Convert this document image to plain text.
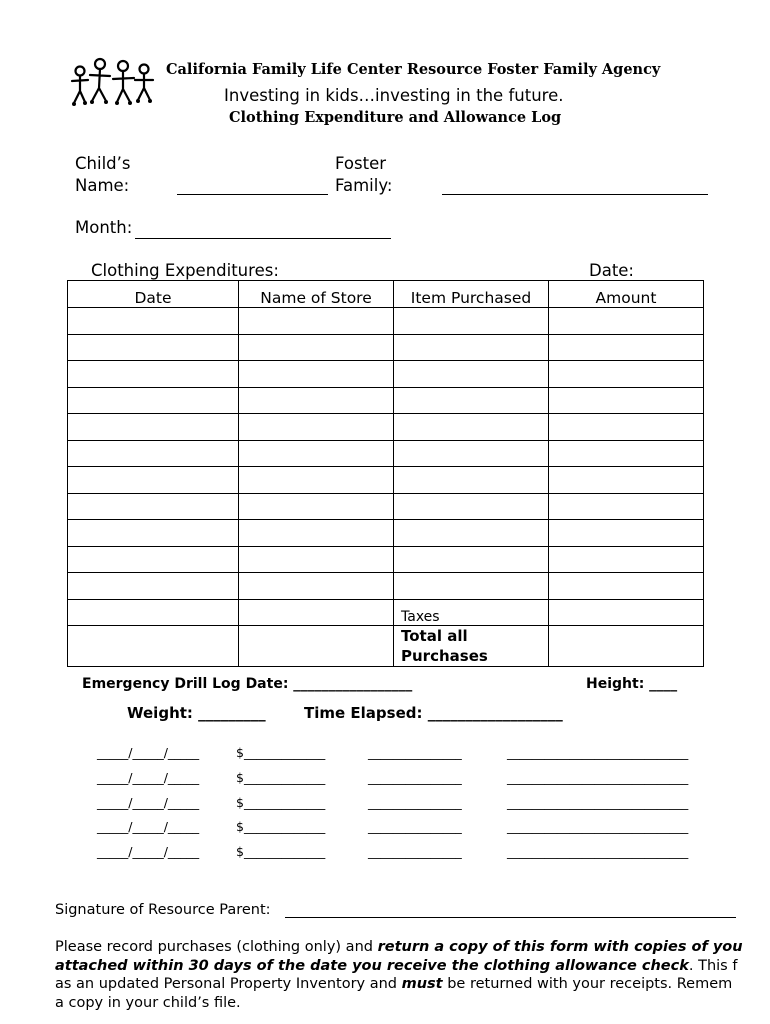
California Family Life Center Resource Foster Family Agency
Investing in kids…investing in the future.
Clothing Expenditure and Allowance Log
Child’s
Name:
Foster
Family:
Month:
Clothing Expenditures:	Date:
Date	Name of Store	Item Purchased	Amount

		Taxes	

		Total all
Purchases	

Emergency Drill Log Date: _________________	Height: ____
Weight: _________	Time Elapsed: __________________
_____/_____/_____	$_____________	_______________	_____________________________
_____/_____/_____	$_____________	_______________	_____________________________
_____/_____/_____	$_____________	_______________	_____________________________
_____/_____/_____	$_____________	_______________	_____________________________
_____/_____/_____	$_____________	_______________	_____________________________
Signature of Resource Parent:
Please record purchases (clothing only) and return a copy of this form with copies of you
attached within 30 days of the date you receive the clothing allowance check. This f
as an updated Personal Property Inventory and must be returned with your receipts. Remem
a copy in your child’s file.
